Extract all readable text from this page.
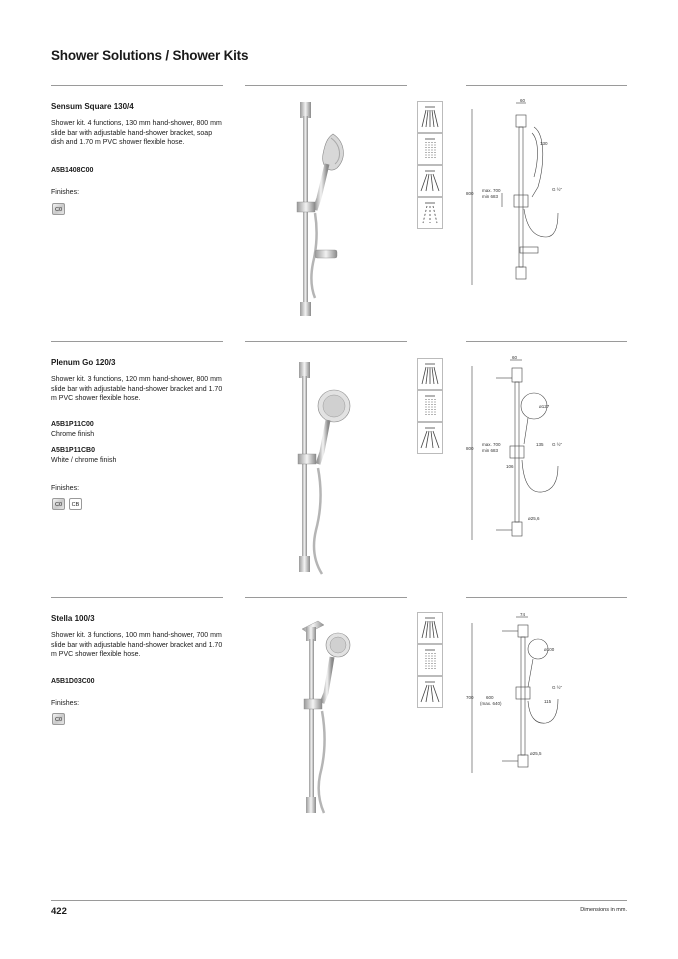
Shower Solutions / Shower Kits
Sensum Square 130/4
Shower kit. 4 functions, 130 mm hand-shower, 800 mm slide bar with adjustable hand-shower bracket, soap dish and 1.70 m PVC shower flexible hose.
A5B1408C00
Finishes:
C0
60
130
800
max. 700
min 683
G ½"
Plenum Go 120/3
Shower kit. 3 functions, 120 mm hand-shower, 800 mm slide bar with adjustable hand-shower bracket and 1.70 m PVC shower flexible hose.
A5B1P11C00
Chrome finish
A5B1P11CB0
White / chrome finish
Finishes:
C0	CB
60
ø127
800
max. 700
min 683
135
106
G ½"
ø25,6
Stella 100/3
Shower kit. 3 functions, 100 mm hand-shower, 700 mm slide bar with adjustable hand-shower bracket and 1.70 m PVC shower flexible hose.
A5B1D03C00
Finishes:
C0
74
ø100
700	600
(max. 640)	115
G ½"
ø25,5
422	Dimensions in mm.
